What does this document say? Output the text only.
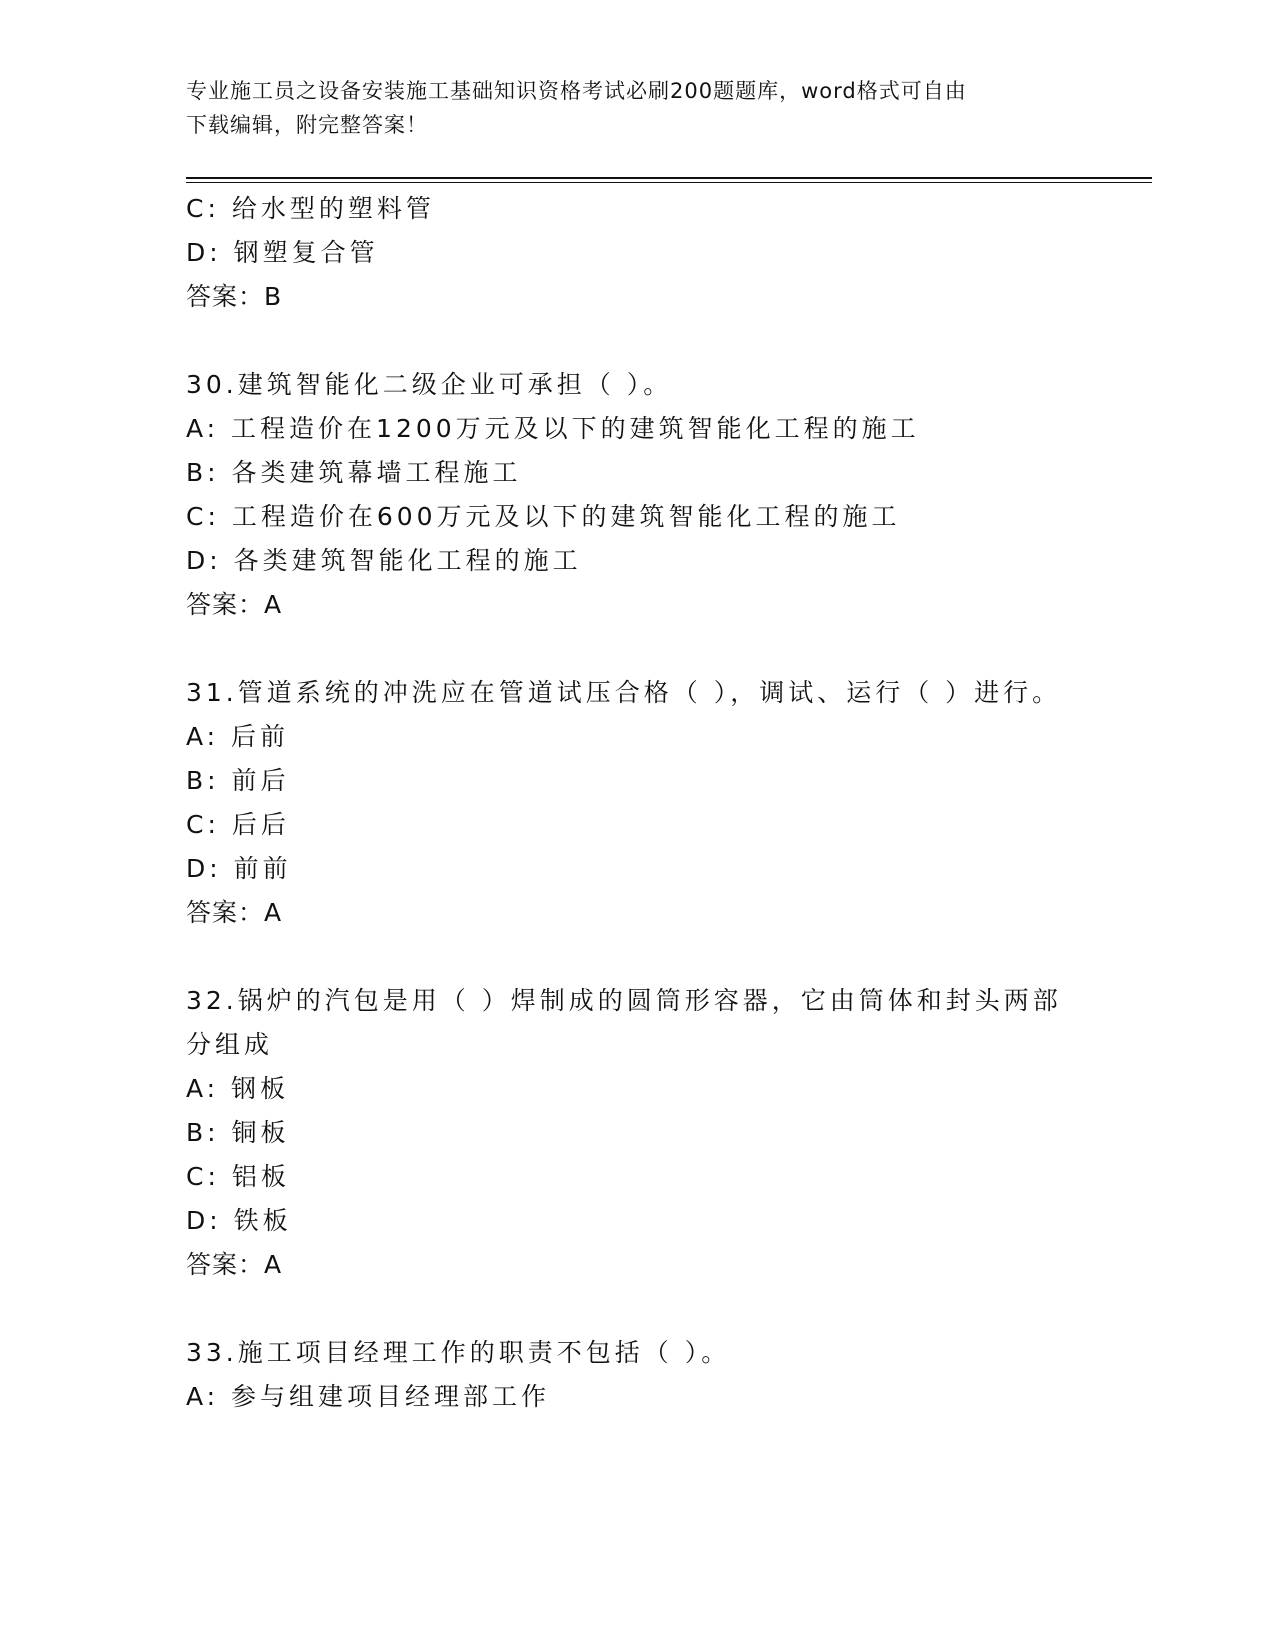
专业施工员之设备安装施工基础知识资格考试必刷200题题库，word格式可自由
下载编辑，附完整答案！
C: 给水型的塑料管
D: 钢塑复合管
答案：B
30.建筑智能化二级企业可承担（ ）。
A: 工程造价在1200万元及以下的建筑智能化工程的施工
B: 各类建筑幕墙工程施工
C: 工程造价在600万元及以下的建筑智能化工程的施工
D: 各类建筑智能化工程的施工
答案：A
31.管道系统的冲洗应在管道试压合格（ ），调试、运行（ ）进行。
A: 后前
B: 前后
C: 后后
D: 前前
答案：A
32.锅炉的汽包是用（ ）焊制成的圆筒形容器，它由筒体和封头两部
分组成
A: 钢板
B: 铜板
C: 铝板
D: 铁板
答案：A
33.施工项目经理工作的职责不包括（ ）。
A: 参与组建项目经理部工作
